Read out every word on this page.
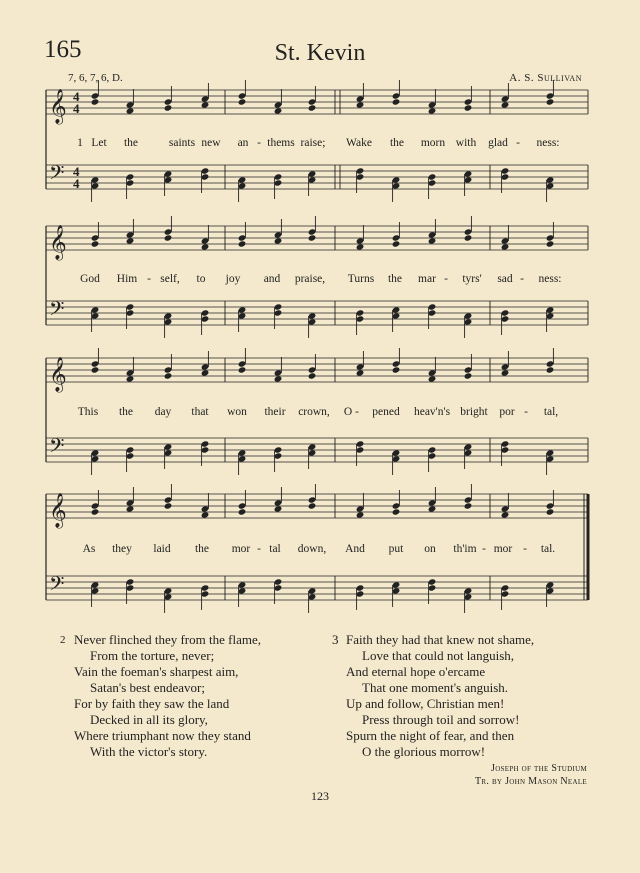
165	St. Kevin
7, 6, 7, 6, D.	A. S. Sullivan
𝄞
𝄢
𝄞
𝄢
𝄞
𝄢
𝄞
𝄢
4
4
4
4
1 Let the	saints new an - thems raise; Wake the morn with glad - ness:
God Him - self, to joy and praise, Turns the mar - tyrs' sad - ness:
This the day that won their crown, O - pened heav'n's bright por - tal,
As they laid the mor - tal down, And put on th'im - mor - tal.
2 Never flinched they from the flame,
From the torture, never;
Vain the foeman's sharpest aim,
Satan's best endeavor;
For by faith they saw the land
Decked in all its glory,
Where triumphant now they stand
With the victor's story.
3 Faith they had that knew not shame,
Love that could not languish,
And eternal hope o'ercame
That one moment's anguish.
Up and follow, Christian men!
Press through toil and sorrow!
Spurn the night of fear, and then
O the glorious morrow!
Joseph of the Studium
Tr. by John Mason Neale
123
